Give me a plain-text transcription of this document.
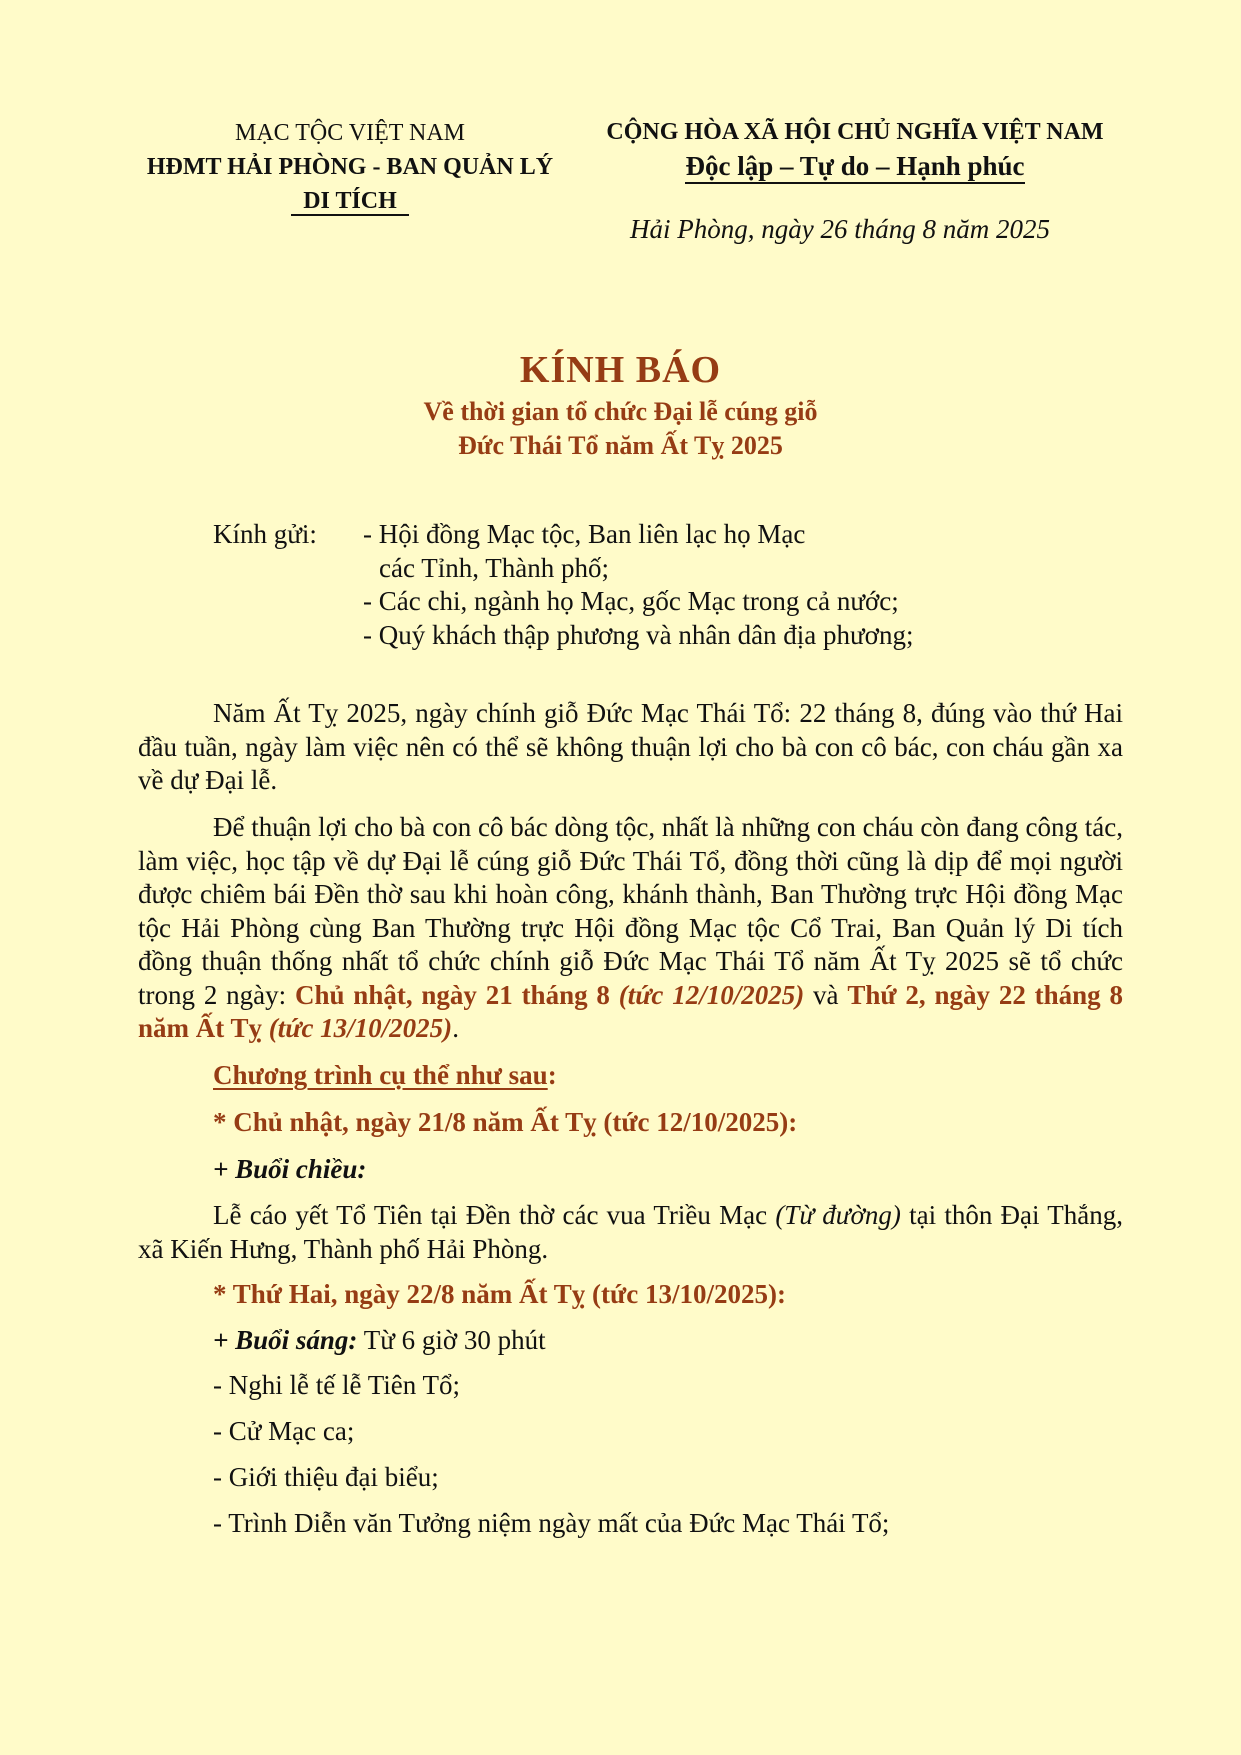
MẠC TỘC VIỆT NAM
HĐMT HẢI PHÒNG - BAN QUẢN LÝ
DI TÍCH
CỘNG HÒA XÃ HỘI CHỦ NGHĨA VIỆT NAM
Độc lập – Tự do – Hạnh phúc
Hải Phòng, ngày 26 tháng 8 năm 2025
KÍNH BÁO
Về thời gian tổ chức Đại lễ cúng giỗ
Đức Thái Tổ năm Ất Tỵ 2025
Kính gửi: - Hội đồng Mạc tộc, Ban liên lạc họ Mạc
các Tỉnh, Thành phố;
- Các chi, ngành họ Mạc, gốc Mạc trong cả nước;
- Quý khách thập phương và nhân dân địa phương;
Năm Ất Tỵ 2025, ngày chính giỗ Đức Mạc Thái Tổ: 22 tháng 8, đúng vào thứ Hai đầu tuần, ngày làm việc nên có thể sẽ không thuận lợi cho bà con cô bác, con cháu gần xa về dự Đại lễ.
Để thuận lợi cho bà con cô bác dòng tộc, nhất là những con cháu còn đang công tác, làm việc, học tập về dự Đại lễ cúng giỗ Đức Thái Tổ, đồng thời cũng là dịp để mọi người được chiêm bái Đền thờ sau khi hoàn công, khánh thành, Ban Thường trực Hội đồng Mạc tộc Hải Phòng cùng Ban Thường trực Hội đồng Mạc tộc Cổ Trai, Ban Quản lý Di tích đồng thuận thống nhất tổ chức chính giỗ Đức Mạc Thái Tổ năm Ất Tỵ 2025 sẽ tổ chức trong 2 ngày: Chủ nhật, ngày 21 tháng 8 (tức 12/10/2025) và Thứ 2, ngày 22 tháng 8 năm Ất Tỵ (tức 13/10/2025).
Chương trình cụ thể như sau:
* Chủ nhật, ngày 21/8 năm Ất Tỵ (tức 12/10/2025):
+ Buổi chiều:
Lễ cáo yết Tổ Tiên tại Đền thờ các vua Triều Mạc (Từ đường) tại thôn Đại Thắng, xã Kiến Hưng, Thành phố Hải Phòng.
* Thứ Hai, ngày 22/8 năm Ất Tỵ (tức 13/10/2025):
+ Buổi sáng: Từ 6 giờ 30 phút
- Nghi lễ tế lễ Tiên Tổ;
- Cử Mạc ca;
- Giới thiệu đại biểu;
- Trình Diễn văn Tưởng niệm ngày mất của Đức Mạc Thái Tổ;
